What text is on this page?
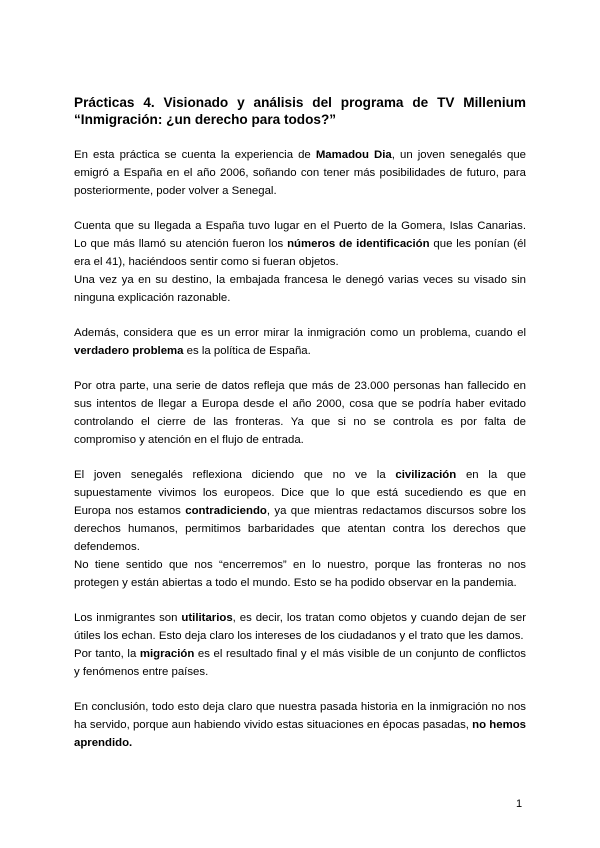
Prácticas 4. Visionado y análisis del programa de TV Millenium “Inmigración: ¿un derecho para todos?”

En esta práctica se cuenta la experiencia de Mamadou Dia, un joven senegalés que emigró a España en el año 2006, soñando con tener más posibilidades de futuro, para posteriormente, poder volver a Senegal.

Cuenta que su llegada a España tuvo lugar en el Puerto de la Gomera, Islas Canarias. Lo que más llamó su atención fueron los números de identificación que les ponían (él era el 41), haciéndoos sentir como si fueran objetos.

Una vez ya en su destino, la embajada francesa le denegó varias veces su visado sin ninguna explicación razonable.

Además, considera que es un error mirar la inmigración como un problema, cuando el verdadero problema es la política de España.

Por otra parte, una serie de datos refleja que más de 23.000 personas han fallecido en sus intentos de llegar a Europa desde el año 2000, cosa que se podría haber evitado controlando el cierre de las fronteras. Ya que si no se controla es por falta de compromiso y atención en el flujo de entrada.

El joven senegalés reflexiona diciendo que no ve la civilización en la que supuestamente vivimos los europeos. Dice que lo que está sucediendo es que en Europa nos estamos contradiciendo, ya que mientras redactamos discursos sobre los derechos humanos, permitimos barbaridades que atentan contra los derechos que defendemos.

No tiene sentido que nos “encerremos” en lo nuestro, porque las fronteras no nos protegen y están abiertas a todo el mundo. Esto se ha podido observar en la pandemia.

Los inmigrantes son utilitarios, es decir, los tratan como objetos y cuando dejan de ser útiles los echan. Esto deja claro los intereses de los ciudadanos y el trato que les damos.

Por tanto, la migración es el resultado final y el más visible de un conjunto de conflictos y fenómenos entre países.

En conclusión, todo esto deja claro que nuestra pasada historia en la inmigración no nos ha servido, porque aun habiendo vivido estas situaciones en épocas pasadas, no hemos aprendido.

1
